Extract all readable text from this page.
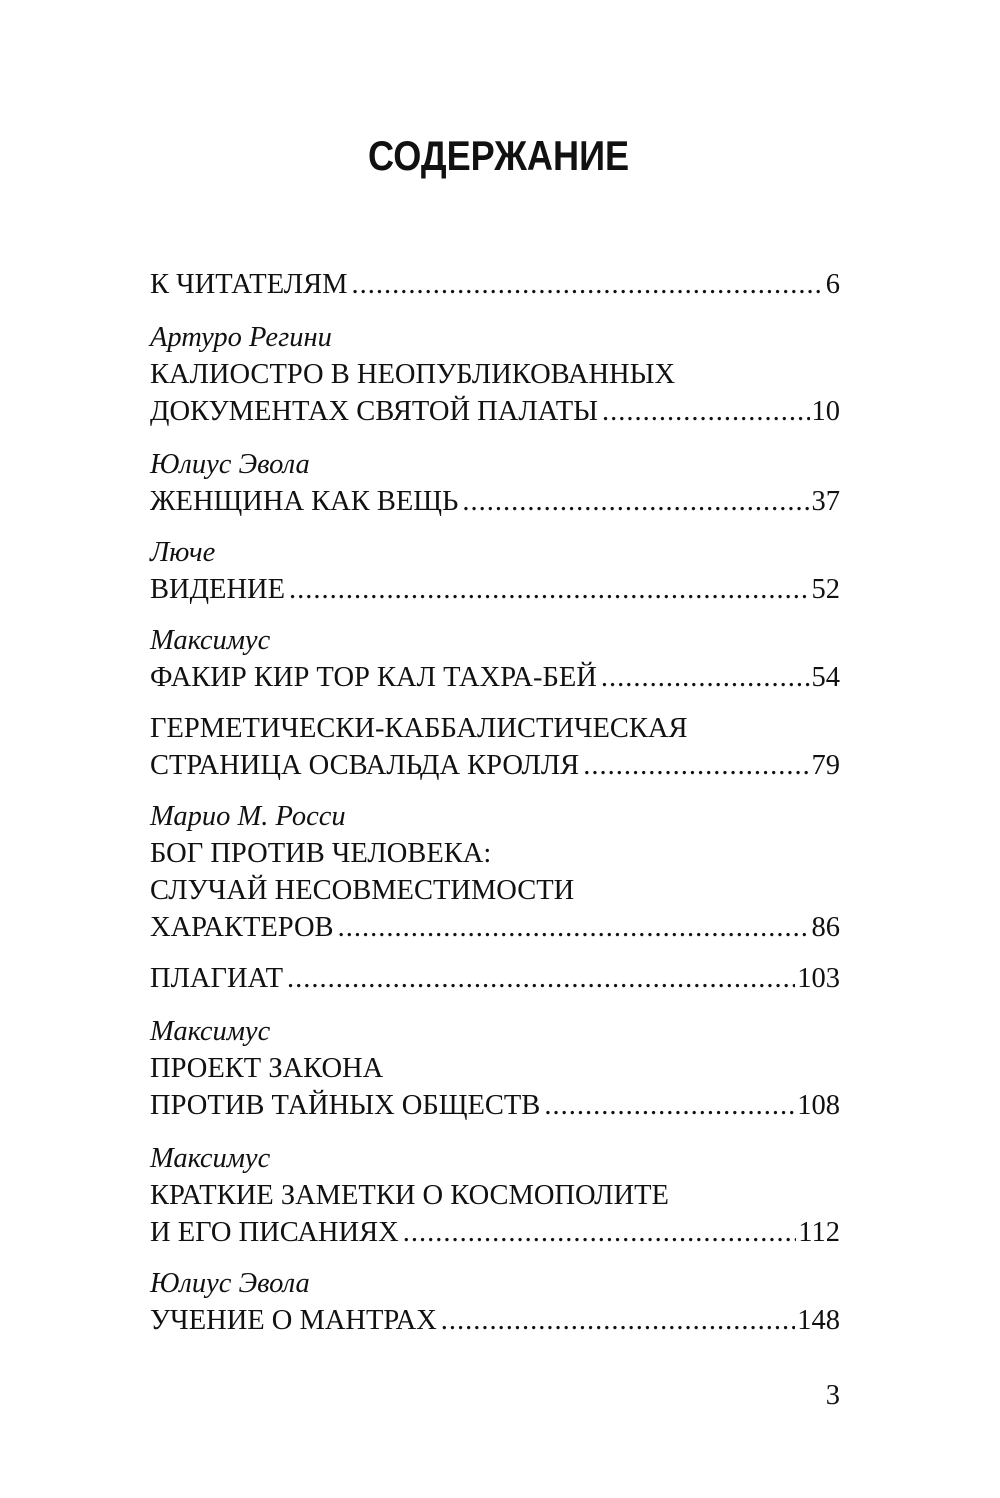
СОДЕРЖАНИЕ
К ЧИТАТЕЛЯМ .....	6
Артуро Регини
КАЛИОСТРО В НЕОПУБЛИКОВАННЫХ
ДОКУМЕНТАХ СВЯТОЙ ПАЛАТЫ .....	10
Юлиус Эвола
ЖЕНЩИНА КАК ВЕЩЬ .....	37
Люче
ВИДЕНИЕ .....	52
Максимус
ФАКИР КИР ТОР КАЛ ТАХРА-БЕЙ .....	54
ГЕРМЕТИЧЕСКИ-КАББАЛИСТИЧЕСКАЯ
СТРАНИЦА ОСВАЛЬДА КРОЛЛЯ .....	79
Марио М. Росси
БОГ ПРОТИВ ЧЕЛОВЕКА:
СЛУЧАЙ НЕСОВМЕСТИМОСТИ
ХАРАКТЕРОВ .....	86
ПЛАГИАТ .....	103
Максимус
ПРОЕКТ ЗАКОНА
ПРОТИВ ТАЙНЫХ ОБЩЕСТВ .....	108
Максимус
КРАТКИЕ ЗАМЕТКИ О КОСМОПОЛИТЕ
И ЕГО ПИСАНИЯХ .....	112
Юлиус Эвола
УЧЕНИЕ О МАНТРАХ .....	148
3
